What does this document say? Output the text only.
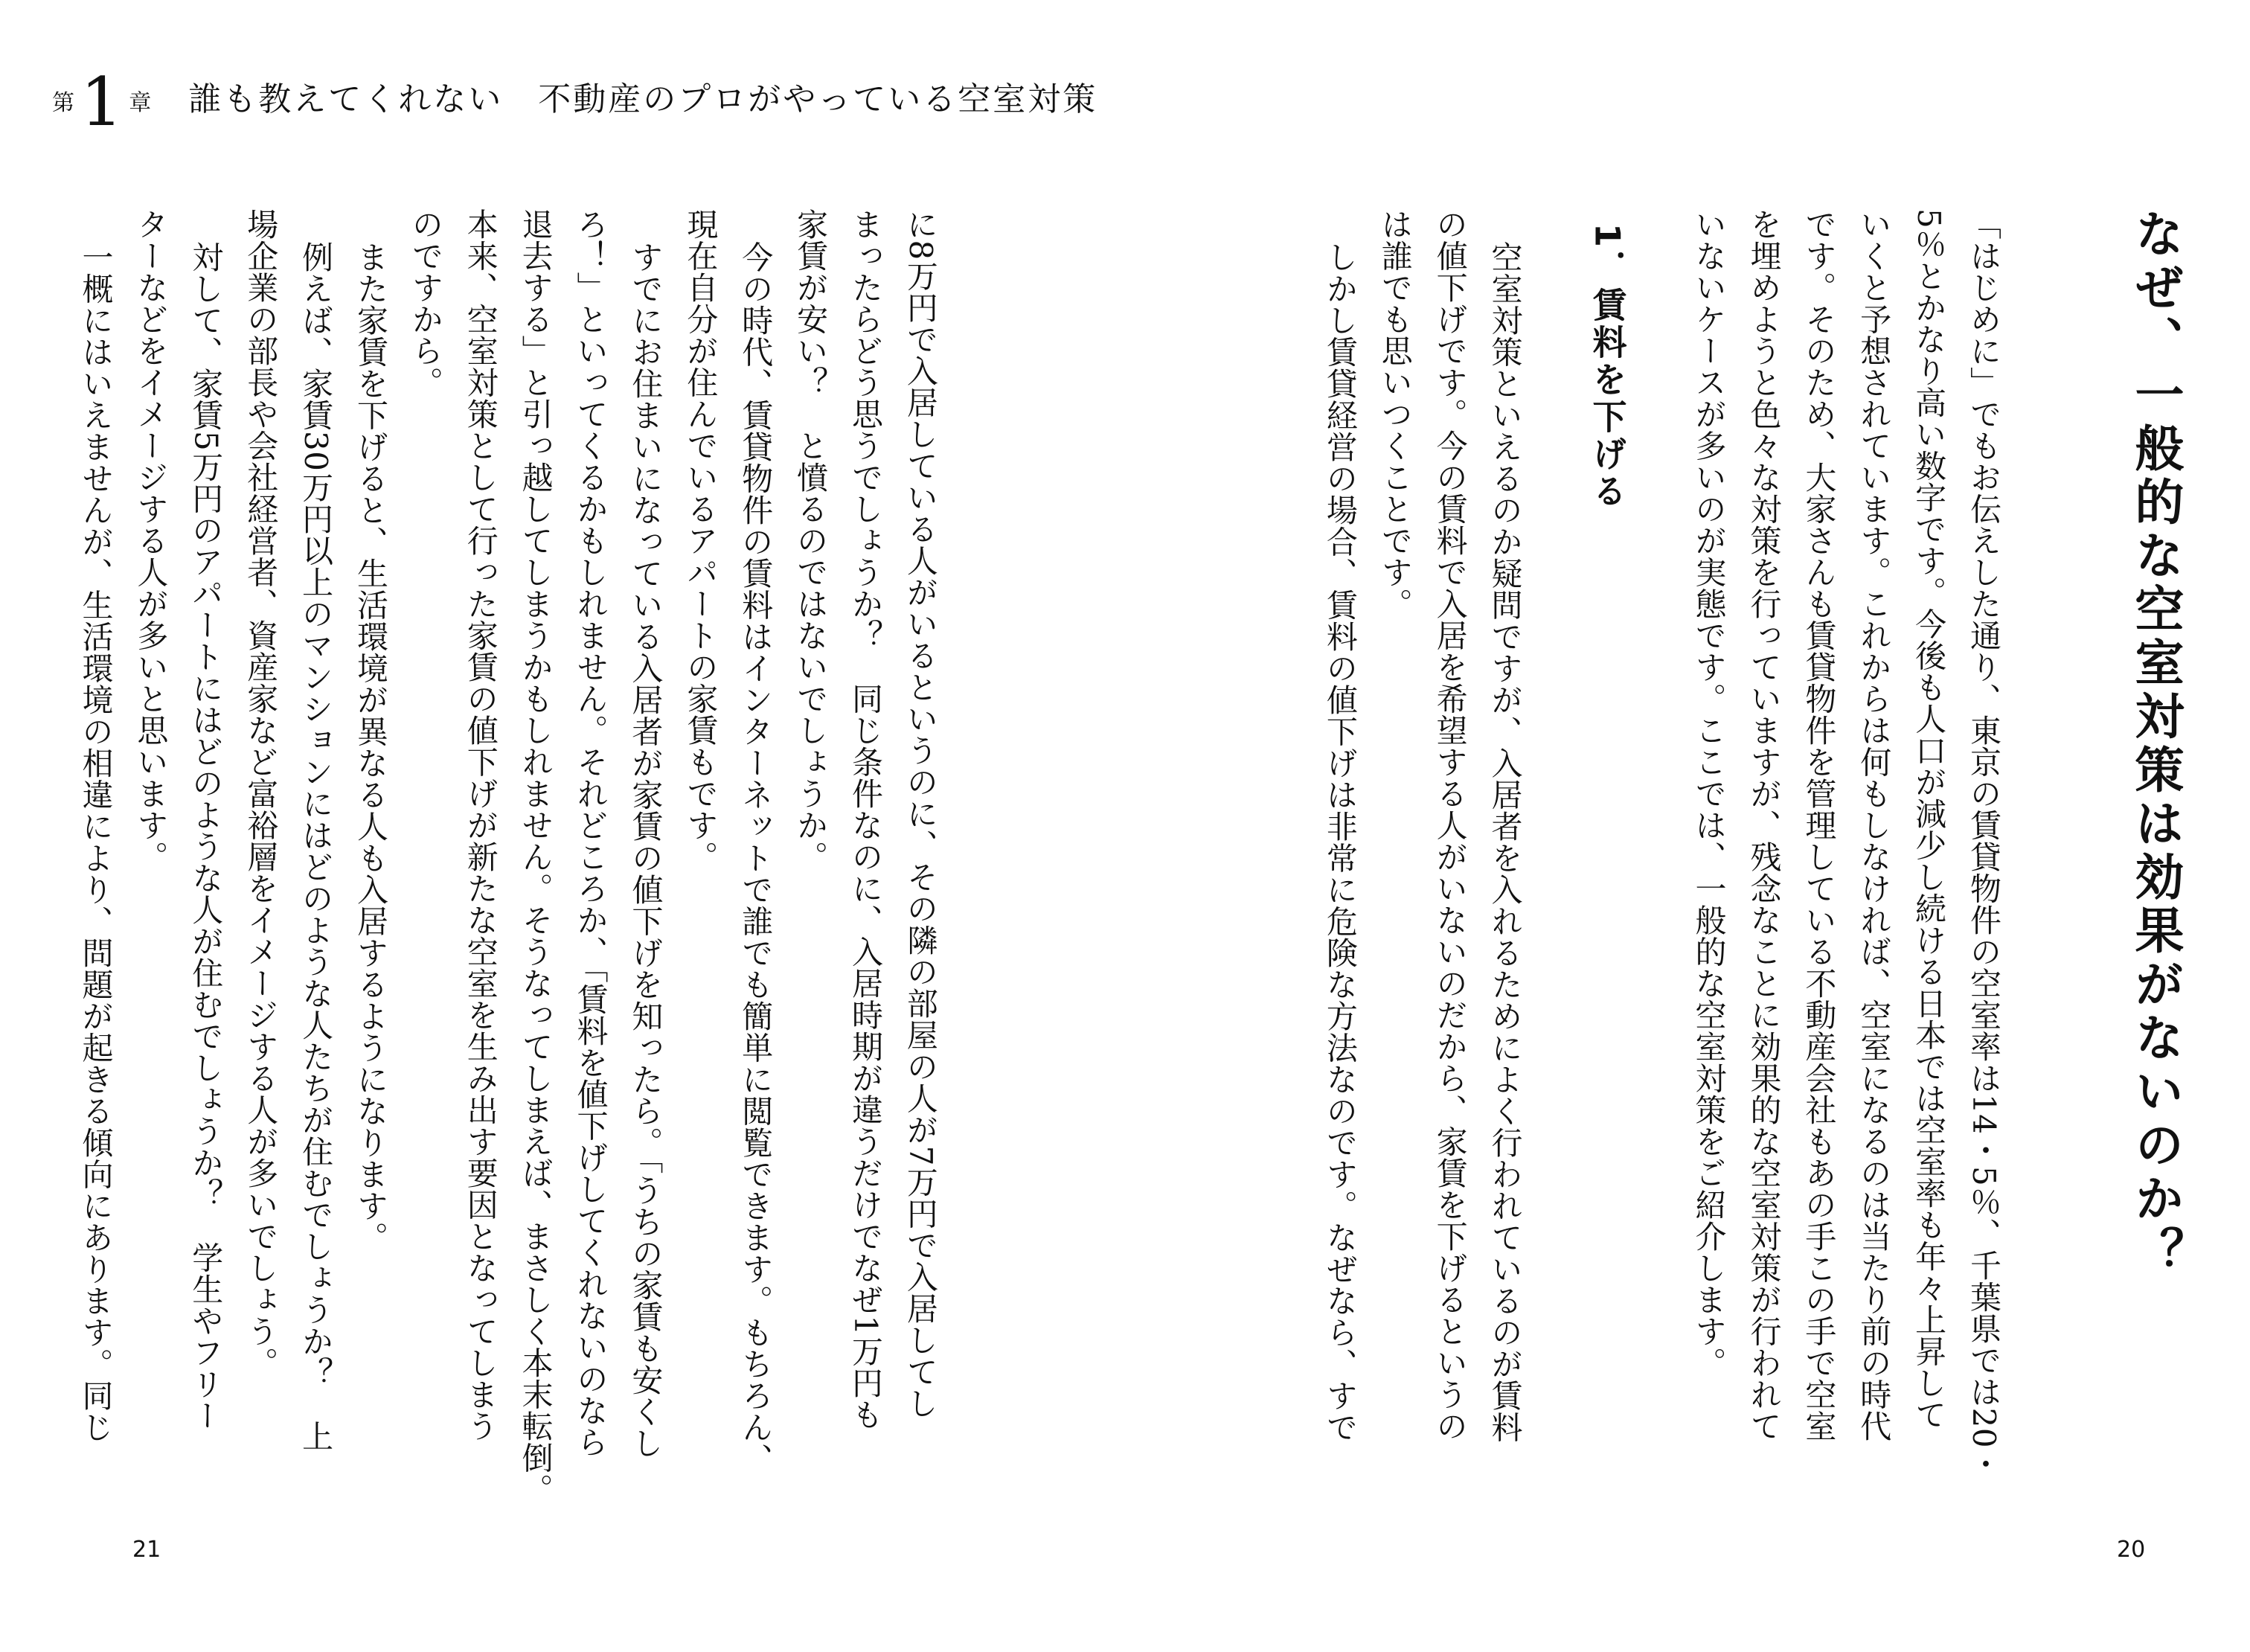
第 1 章 誰も教えてくれない　不動産のプロがやっている空室対策
なぜ、一般的な空室対策は効果がないのか？
「はじめに」でもお伝えした通り、東京の賃貸物件の空室率は14・5％、千葉県では20・
5％とかなり高い数字です。今後も人口が減少し続ける日本では空室率も年々上昇して
いくと予想されています。これからは何もしなければ、空室になるのは当たり前の時代
です。そのため、大家さんも賃貸物件を管理している不動産会社もあの手この手で空室
を埋めようと色々な対策を行っていますが、残念なことに効果的な空室対策が行われて
いないケースが多いのが実態です。ここでは、一般的な空室対策をご紹介します。
1．賃料を下げる
空室対策といえるのか疑問ですが、入居者を入れるためによく行われているのが賃料
の値下げです。今の賃料で入居を希望する人がいないのだから、家賃を下げるというの
は誰でも思いつくことです。
しかし賃貸経営の場合、賃料の値下げは非常に危険な方法なのです。なぜなら、すで
に8万円で入居している人がいるというのに、その隣の部屋の人が7万円で入居してし
まったらどう思うでしょうか？　同じ条件なのに、入居時期が違うだけでなぜ1万円も
家賃が安い？　と憤るのではないでしょうか。
今の時代、賃貸物件の賃料はインターネットで誰でも簡単に閲覧できます。もちろん、
現在自分が住んでいるアパートの家賃もです。
すでにお住まいになっている入居者が家賃の値下げを知ったら。「うちの家賃も安くし
ろ！」といってくるかもしれません。それどころか、「賃料を値下げしてくれないのなら
退去する」と引っ越してしまうかもしれません。そうなってしまえば、まさしく本末転倒。
本来、空室対策として行った家賃の値下げが新たな空室を生み出す要因となってしまう
のですから。
また家賃を下げると、生活環境が異なる人も入居するようになります。
例えば、家賃30万円以上のマンションにはどのような人たちが住むでしょうか？　上
場企業の部長や会社経営者、資産家など富裕層をイメージする人が多いでしょう。
対して、家賃5万円のアパートにはどのような人が住むでしょうか？　学生やフリー
ターなどをイメージする人が多いと思います。
一概にはいえませんが、生活環境の相違により、問題が起きる傾向にあります。同じ
21	20
